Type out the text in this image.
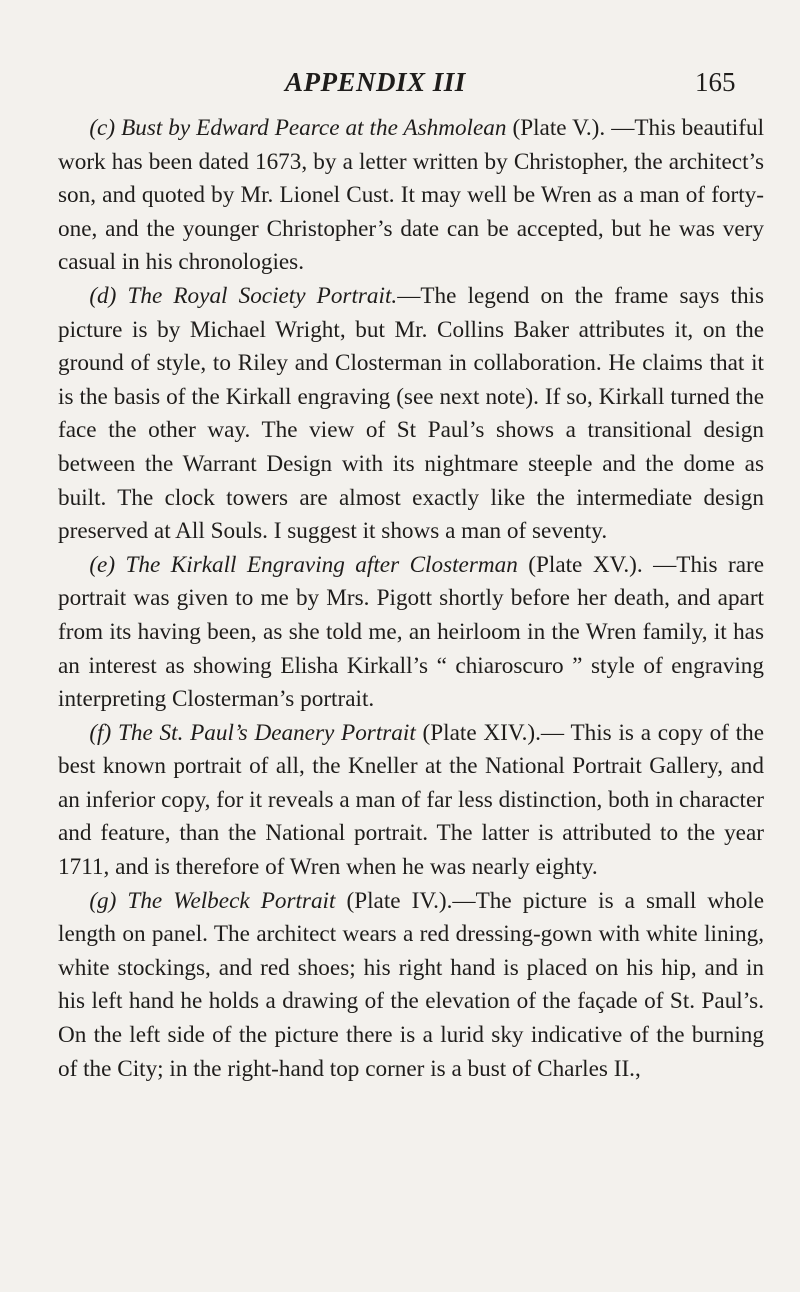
APPENDIX III	165

(c) Bust by Edward Pearce at the Ashmolean (Plate V.). —This beautiful work has been dated 1673, by a letter written by Christopher, the architect’s son, and quoted by Mr. Lionel Cust. It may well be Wren as a man of forty-one, and the younger Christopher’s date can be accepted, but he was very casual in his chronologies.

(d) The Royal Society Portrait.—The legend on the frame says this picture is by Michael Wright, but Mr. Collins Baker attributes it, on the ground of style, to Riley and Closterman in collaboration. He claims that it is the basis of the Kirkall engraving (see next note). If so, Kirkall turned the face the other way. The view of St Paul’s shows a transitional design between the Warrant Design with its nightmare steeple and the dome as built. The clock towers are almost exactly like the intermediate design preserved at All Souls. I suggest it shows a man of seventy.

(e) The Kirkall Engraving after Closterman (Plate XV.). —This rare portrait was given to me by Mrs. Pigott shortly before her death, and apart from its having been, as she told me, an heirloom in the Wren family, it has an interest as showing Elisha Kirkall’s “ chiaroscuro ” style of engraving interpreting Closterman’s portrait.

(f) The St. Paul’s Deanery Portrait (Plate XIV.).— This is a copy of the best known portrait of all, the Kneller at the National Portrait Gallery, and an inferior copy, for it reveals a man of far less distinction, both in character and feature, than the National portrait. The latter is attributed to the year 1711, and is therefore of Wren when he was nearly eighty.

(g) The Welbeck Portrait (Plate IV.).—The picture is a small whole length on panel. The architect wears a red dressing-gown with white lining, white stockings, and red shoes; his right hand is placed on his hip, and in his left hand he holds a drawing of the elevation of the façade of St. Paul’s. On the left side of the picture there is a lurid sky indicative of the burning of the City; in the right-hand top corner is a bust of Charles II.,
